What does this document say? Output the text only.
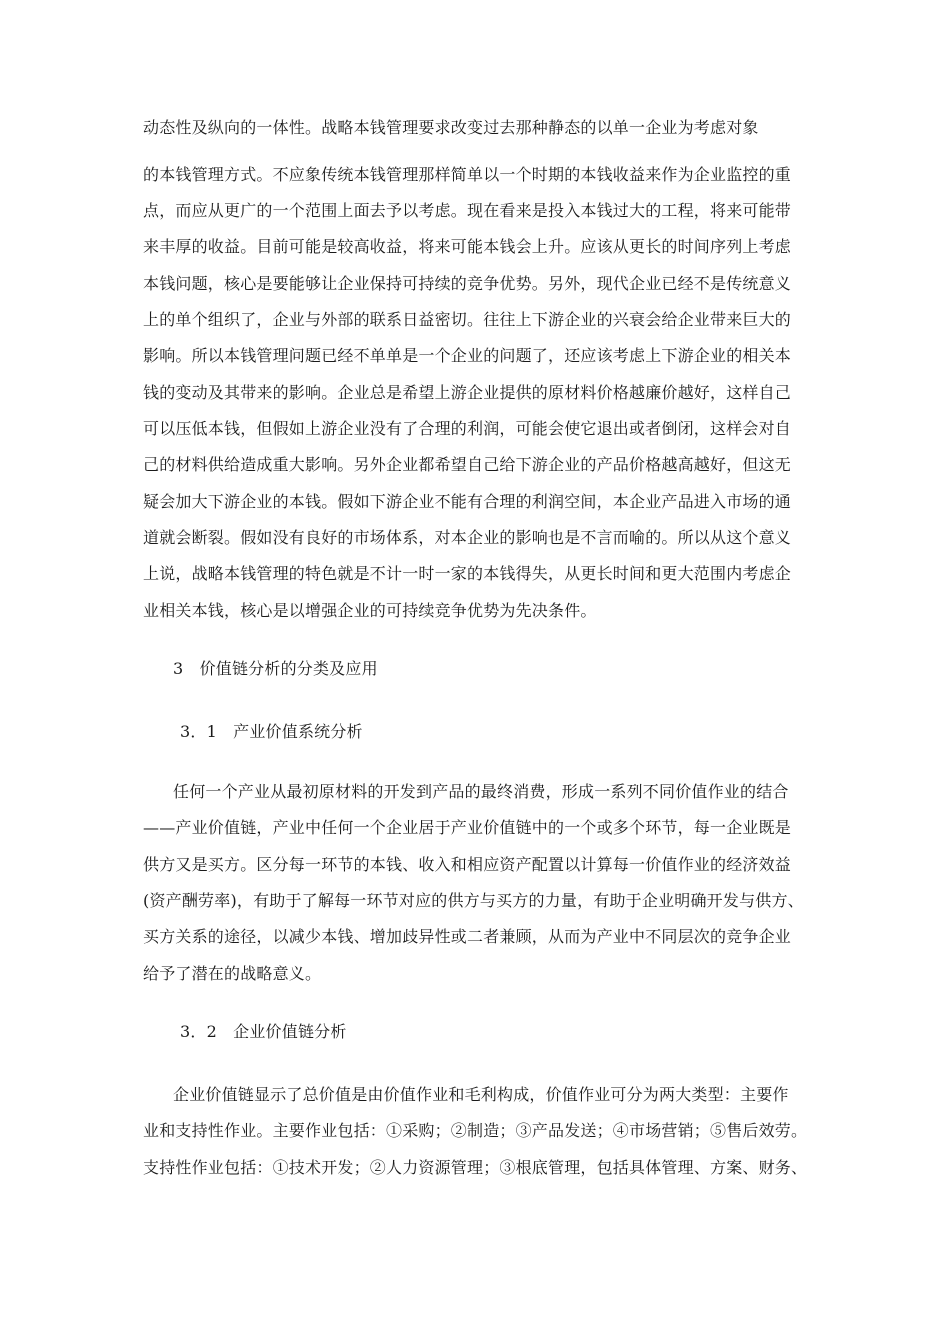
动态性及纵向的一体性。战略本钱管理要求改变过去那种静态的以单一企业为考虑对象
的本钱管理方式。不应象传统本钱管理那样简单以一个时期的本钱收益来作为企业监控的重
点，而应从更广的一个范围上面去予以考虑。现在看来是投入本钱过大的工程，将来可能带
来丰厚的收益。目前可能是较高收益，将来可能本钱会上升。应该从更长的时间序列上考虑
本钱问题，核心是要能够让企业保持可持续的竞争优势。另外，现代企业已经不是传统意义
上的单个组织了，企业与外部的联系日益密切。往往上下游企业的兴衰会给企业带来巨大的
影响。所以本钱管理问题已经不单单是一个企业的问题了，还应该考虑上下游企业的相关本
钱的变动及其带来的影响。企业总是希望上游企业提供的原材料价格越廉价越好，这样自己
可以压低本钱，但假如上游企业没有了合理的利润，可能会使它退出或者倒闭，这样会对自
己的材料供给造成重大影响。另外企业都希望自己给下游企业的产品价格越高越好，但这无
疑会加大下游企业的本钱。假如下游企业不能有合理的利润空间，本企业产品进入市场的通
道就会断裂。假如没有良好的市场体系，对本企业的影响也是不言而喻的。所以从这个意义
上说，战略本钱管理的特色就是不计一时一家的本钱得失，从更长时间和更大范围内考虑企
业相关本钱，核心是以增强企业的可持续竞争优势为先决条件。
3　价值链分析的分类及应用
3．1　产业价值系统分析
任何一个产业从最初原材料的开发到产品的最终消费，形成一系列不同价值作业的结合
——产业价值链，产业中任何一个企业居于产业价值链中的一个或多个环节，每一企业既是
供方又是买方。区分每一环节的本钱、收入和相应资产配置以计算每一价值作业的经济效益
(资产酬劳率)，有助于了解每一环节对应的供方与买方的力量，有助于企业明确开发与供方、
买方关系的途径，以减少本钱、增加歧异性或二者兼顾，从而为产业中不同层次的竞争企业
给予了潜在的战略意义。
3．2　企业价值链分析
企业价值链显示了总价值是由价值作业和毛利构成，价值作业可分为两大类型：主要作
业和支持性作业。主要作业包括：①采购；②制造；③产品发送；④市场营销；⑤售后效劳。
支持性作业包括：①技术开发；②人力资源管理；③根底管理，包括具体管理、方案、财务、
